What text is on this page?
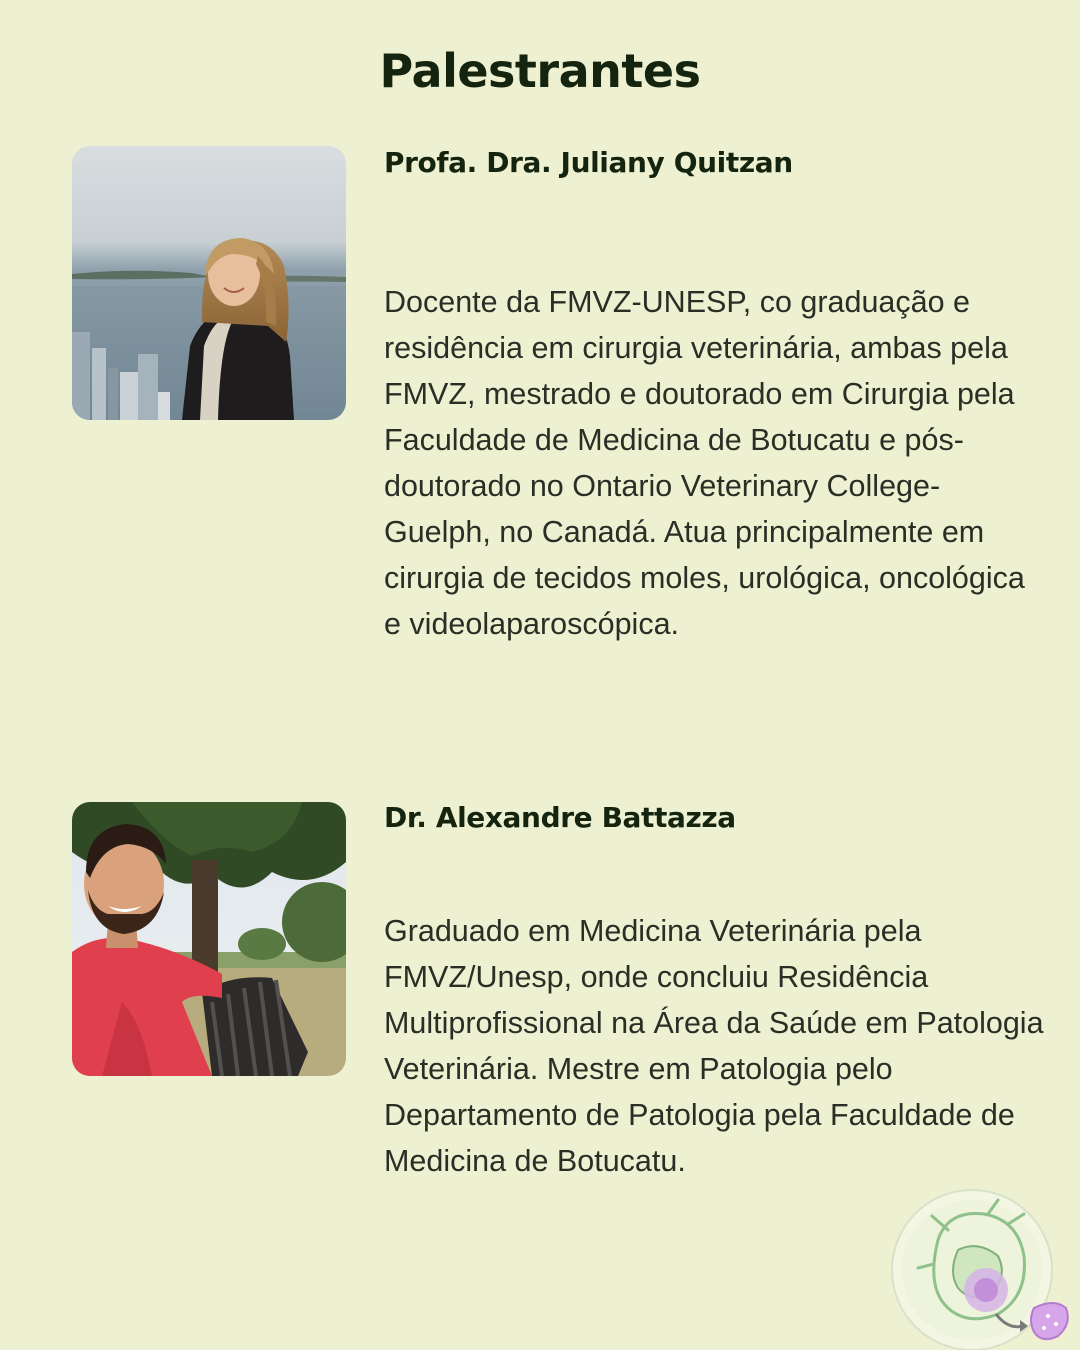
Palestrantes
Profa. Dra. Juliany Quitzan

Docente da FMVZ-UNESP, co graduação e residência em cirurgia veterinária, ambas pela FMVZ, mestrado e doutorado em Cirurgia pela Faculdade de Medicina de Botucatu e pós-doutorado no Ontario Veterinary College- Guelph, no Canadá. Atua principalmente em cirurgia de tecidos moles, urológica, oncológica e videolaparoscópica.

Dr. Alexandre Battazza

Graduado em Medicina Veterinária pela FMVZ/Unesp, onde concluiu Residência Multiprofissional na Área da Saúde em Patologia Veterinária. Mestre em Patologia pelo Departamento de Patologia pela Faculdade de Medicina de Botucatu.
